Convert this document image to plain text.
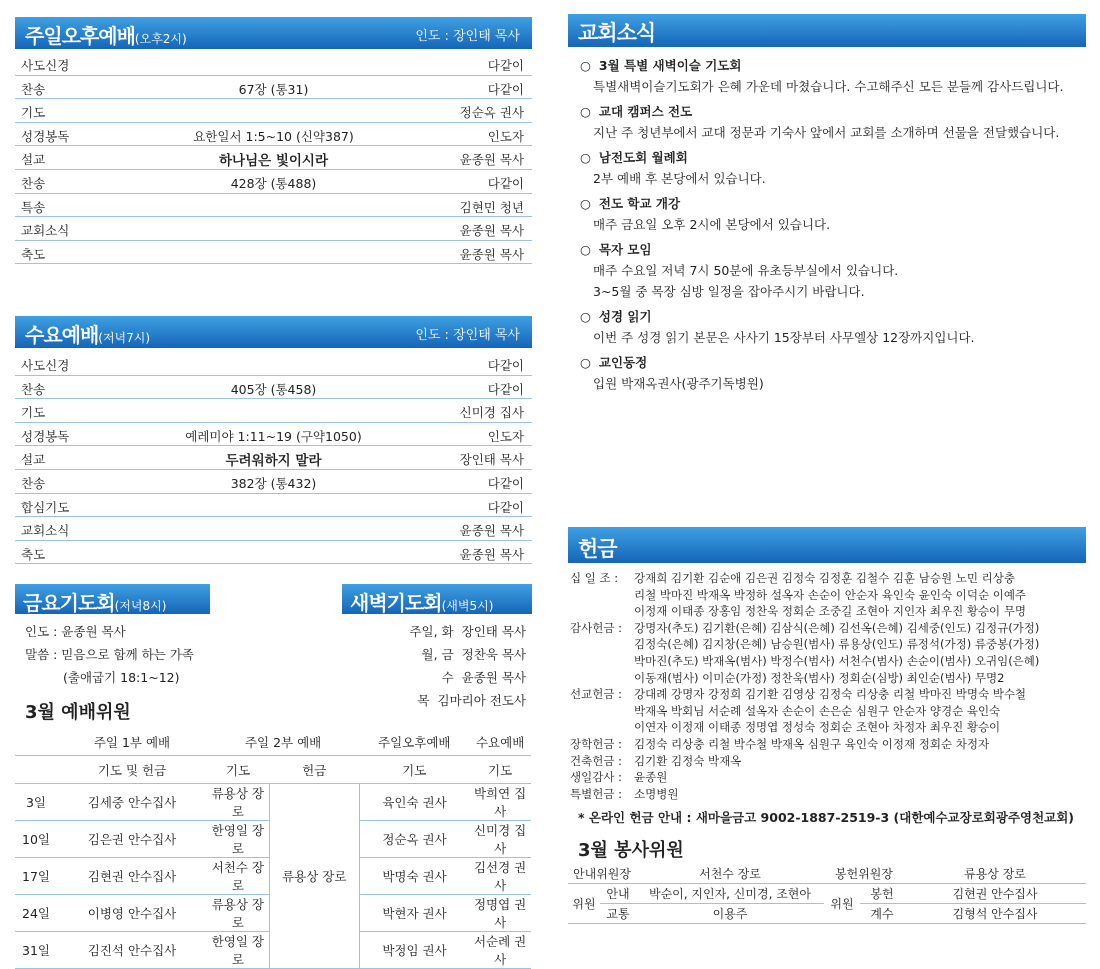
주일오후예배(오후2시)	인도 : 장인태 목사
사도신경	다같이
찬송	67장 (통31)	다같이
기도	정순옥 권사
성경봉독	요한일서 1:5~10 (신약387)	인도자
설교	하나님은 빛이시라	윤종원 목사
찬송	428장 (통488)	다같이
특송	김현민 청년
교회소식	윤종원 목사
축도	윤종원 목사
수요예배(저녁7시)	인도 : 장인태 목사
사도신경	다같이
찬송	405장 (통458)	다같이
기도	신미경 집사
성경봉독	예레미야 1:11~19 (구약1050)	인도자
설교	두려워하지 말라	장인태 목사
찬송	382장 (통432)	다같이
합심기도	다같이
교회소식	윤종원 목사
축도	윤종원 목사
금요기도회(저녁8시)
인도 : 윤종원 목사
말씀 : 믿음으로 함께 하는 가족
(출애굽기 18:1~12)
새벽기도회(새벽5시)
주일, 화 장인태 목사
월, 금 정찬욱 목사
수 윤종원 목사
목 김마리아 전도사
3월 예배위원
	주일 1부 예배	주일 2부 예배		주일오후예배	수요예배
	기도 및 헌금	기도	헌금	기도	기도
3일	김세중 안수집사	류용상 장로	류용상 장로	육인숙 권사	박희연 집사
10일	김은권 안수집사	한영일 장로		정순옥 권사	신미경 집사
17일	김현권 안수집사	서천수 장로		박명숙 권사	김선경 권사
24일	이병영 안수집사	류용상 장로		박현자 권사	정명엽 권사
31일	김진석 안수집사	한영일 장로		박정임 권사	서순례 권사
교회소식
○ 3월 특별 새벽이슬 기도회
특별새벽이슬기도회가 은혜 가운데 마쳤습니다. 수고해주신 모든 분들께 감사드립니다.
○ 교대 캠퍼스 전도
지난 주 청년부에서 교대 정문과 기숙사 앞에서 교회를 소개하며 선물을 전달했습니다.
○ 남전도회 월례회
2부 예배 후 본당에서 있습니다.
○ 전도 학교 개강
매주 금요일 오후 2시에 본당에서 있습니다.
○ 목자 모임
매주 수요일 저녁 7시 50분에 유초등부실에서 있습니다.
3~5월 중 목장 심방 일정을 잡아주시기 바랍니다.
○ 성경 읽기
이번 주 성경 읽기 본문은 사사기 15장부터 사무엘상 12장까지입니다.
○ 교인동정
입원 박재옥권사(광주기독병원)
헌금
십 일 조 :	강재희 김기환 김순애 김은권 김정숙 김정훈 김철수 김훈 남승원 노민 리상충
리철 박마진 박재옥 박정하 설옥자 손순이 안순자 육인숙 윤인숙 이덕순 이예주
이정재 이태종 장홍임 정찬욱 정회순 조중길 조현아 지인자 최우진 황승이 무명
감사헌금 :	강명자(추도) 김기환(은혜) 김삼식(은혜) 김선옥(은혜) 김세중(인도) 김정규(가정)
김정숙(은혜) 김지창(은혜) 남승원(범사) 류용상(인도) 류정석(가정) 류중봉(가정)
박마진(추도) 박재옥(범사) 박정수(범사) 서천수(범사) 손순이(범사) 오귀임(은혜)
이동재(범사) 이미순(가정) 정찬욱(범사) 정회순(심방) 최인순(범사) 무명2
선교헌금 :	강대례 강명자 강정희 김기환 김영상 김정숙 리상충 리철 박마진 박명숙 박수철
박재옥 박회님 서순례 설옥자 손순이 손은순 심원구 안순자 양경순 육인숙
이연자 이정재 이태종 정명엽 정성숙 정회순 조현아 차정자 최우진 황승이
장학헌금 :	김정숙 리상충 리철 박수철 박재옥 심원구 육인숙 이정재 정회순 차정자
건축헌금 :	김기환 김정숙 박재옥
생일감사 :	윤종원
특별헌금 :	소명병원
* 온라인 헌금 안내 : 새마을금고 9002-1887-2519-3 (대한예수교장로회광주영천교회)
3월 봉사위원
안내위원장		서천수 장로	봉헌위원장		류용상 장로
위원	안내	박순이, 지인자, 신미경, 조현아	위원	봉헌	김현권 안수집사
	교통	이용주		계수	김형석 안수집사
